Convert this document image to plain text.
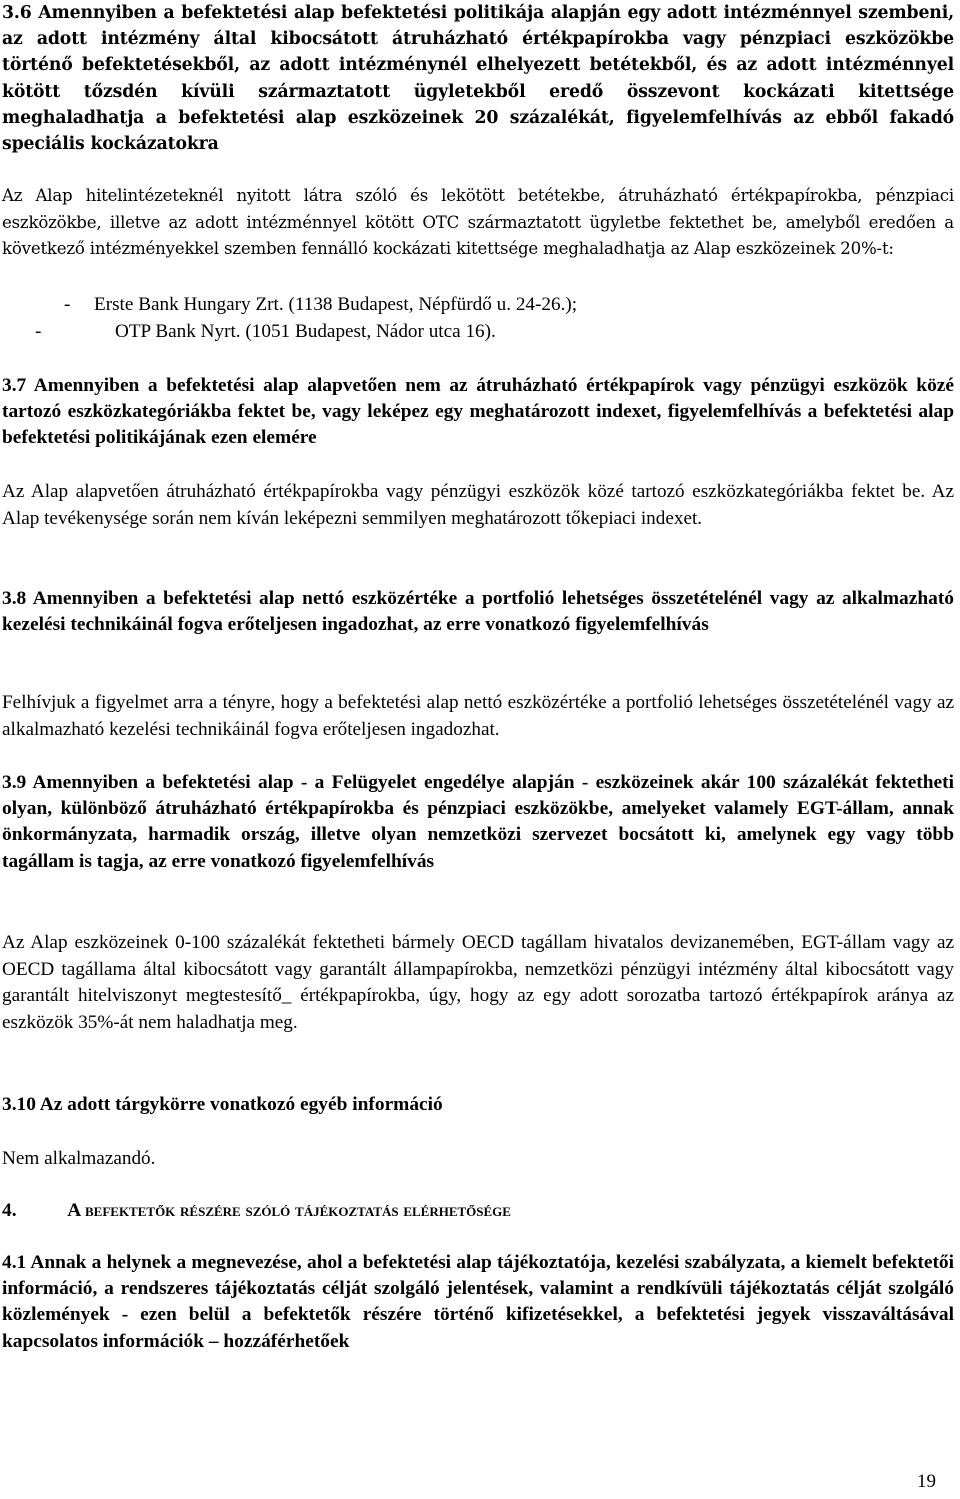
3.6 Amennyiben a befektetési alap befektetési politikája alapján egy adott intézménnyel szembeni, az adott intézmény által kibocsátott átruházható értékpapírokba vagy pénzpiaci eszközökbe történő befektetésekből, az adott intézménynél elhelyezett betétekből, és az adott intézménnyel kötött tőzsdén kívüli származtatott ügyletekből eredő összevont kockázati kitettsége meghaladhatja a befektetési alap eszközeinek 20 százalékát, figyelemfelhívás az ebből fakadó speciális kockázatokra
Az Alap hitelintézeteknél nyitott látra szóló és lekötött betétekbe, átruházható értékpapírokba, pénzpiaci eszközökbe, illetve az adott intézménnyel kötött OTC származtatott ügyletbe fektethet be, amelyből eredően a következő intézményekkel szemben fennálló kockázati kitettsége meghaladhatja az Alap eszközeinek 20%-t:
- Erste Bank Hungary Zrt. (1138 Budapest, Népfürdő u. 24-26.);
-	OTP Bank Nyrt. (1051 Budapest, Nádor utca 16).
3.7 Amennyiben a befektetési alap alapvetően nem az átruházható értékpapírok vagy pénzügyi eszközök közé tartozó eszközkategóriákba fektet be, vagy leképez egy meghatározott indexet, figyelemfelhívás a befektetési alap befektetési politikájának ezen elemére
Az Alap alapvetően átruházható értékpapírokba vagy pénzügyi eszközök közé tartozó eszközkategóriákba fektet be. Az Alap tevékenysége során nem kíván leképezni semmilyen meghatározott tőkepiaci indexet.
3.8 Amennyiben a befektetési alap nettó eszközértéke a portfolió lehetséges összetételénél vagy az alkalmazható kezelési technikáinál fogva erőteljesen ingadozhat, az erre vonatkozó figyelemfelhívás
Felhívjuk a figyelmet arra a tényre, hogy a befektetési alap nettó eszközértéke a portfolió lehetséges összetételénél vagy az alkalmazható kezelési technikáinál fogva erőteljesen ingadozhat.
3.9 Amennyiben a befektetési alap - a Felügyelet engedélye alapján - eszközeinek akár 100 százalékát fektetheti olyan, különböző átruházható értékpapírokba és pénzpiaci eszközökbe, amelyeket valamely EGT-állam, annak önkormányzata, harmadik ország, illetve olyan nemzetközi szervezet bocsátott ki, amelynek egy vagy több tagállam is tagja, az erre vonatkozó figyelemfelhívás
Az Alap eszközeinek 0-100 százalékát fektetheti bármely OECD tagállam hivatalos devizanemében, EGT-állam vagy az OECD tagállama által kibocsátott vagy garantált állampapírokba, nemzetközi pénzügyi intézmény által kibocsátott vagy garantált hitelviszonyt megtestesítő_ értékpapírokba, úgy, hogy az egy adott sorozatba tartozó értékpapírok aránya az eszközök 35%-át nem haladhatja meg.
3.10 Az adott tárgykörre vonatkozó egyéb információ
Nem alkalmazandó.
4.	A befektetők részére szóló tájékoztatás elérhetősége
4.1 Annak a helynek a megnevezése, ahol a befektetési alap tájékoztatója, kezelési szabályzata, a kiemelt befektetői információ, a rendszeres tájékoztatás célját szolgáló jelentések, valamint a rendkívüli tájékoztatás célját szolgáló közlemények - ezen belül a befektetők részére történő kifizetésekkel, a befektetési jegyek visszaváltásával kapcsolatos információk – hozzáférhetőek
19
